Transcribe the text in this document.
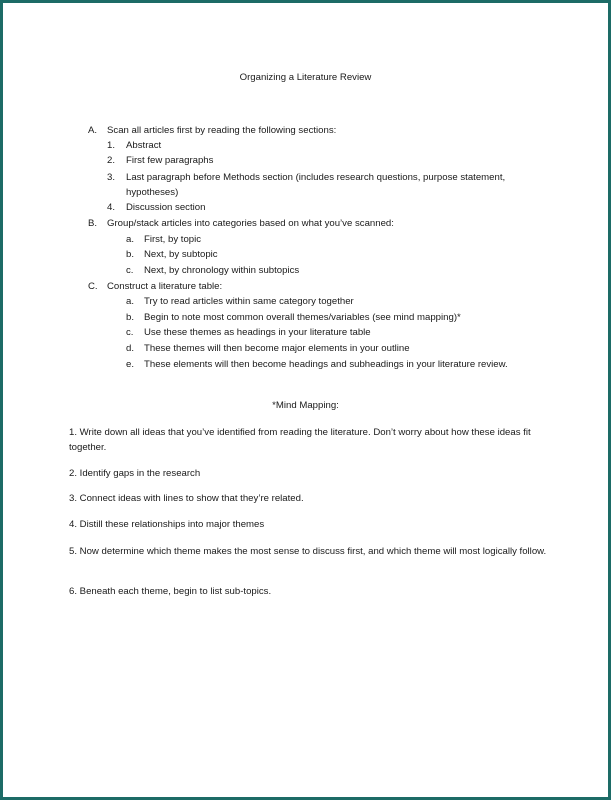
Organizing a Literature Review
A. Scan all articles first by reading the following sections:
1. Abstract
2. First few paragraphs
3. Last paragraph before Methods section (includes research questions, purpose statement, hypotheses)
4. Discussion section
B. Group/stack articles into categories based on what you’ve scanned:
a. First, by topic
b. Next, by subtopic
c. Next, by chronology within subtopics
C. Construct a literature table:
a. Try to read articles within same category together
b. Begin to note most common overall themes/variables (see mind mapping)*
c. Use these themes as headings in your literature table
d. These themes will then become major elements in your outline
e. These elements will then become headings and subheadings in your literature review.
*Mind Mapping:
1. Write down all ideas that you’ve identified from reading the literature. Don’t worry about how these ideas fit together.
2. Identify gaps in the research
3. Connect ideas with lines to show that they’re related.
4. Distill these relationships into major themes
5. Now determine which theme makes the most sense to discuss first, and which theme will most logically follow.
6. Beneath each theme, begin to list sub-topics.
